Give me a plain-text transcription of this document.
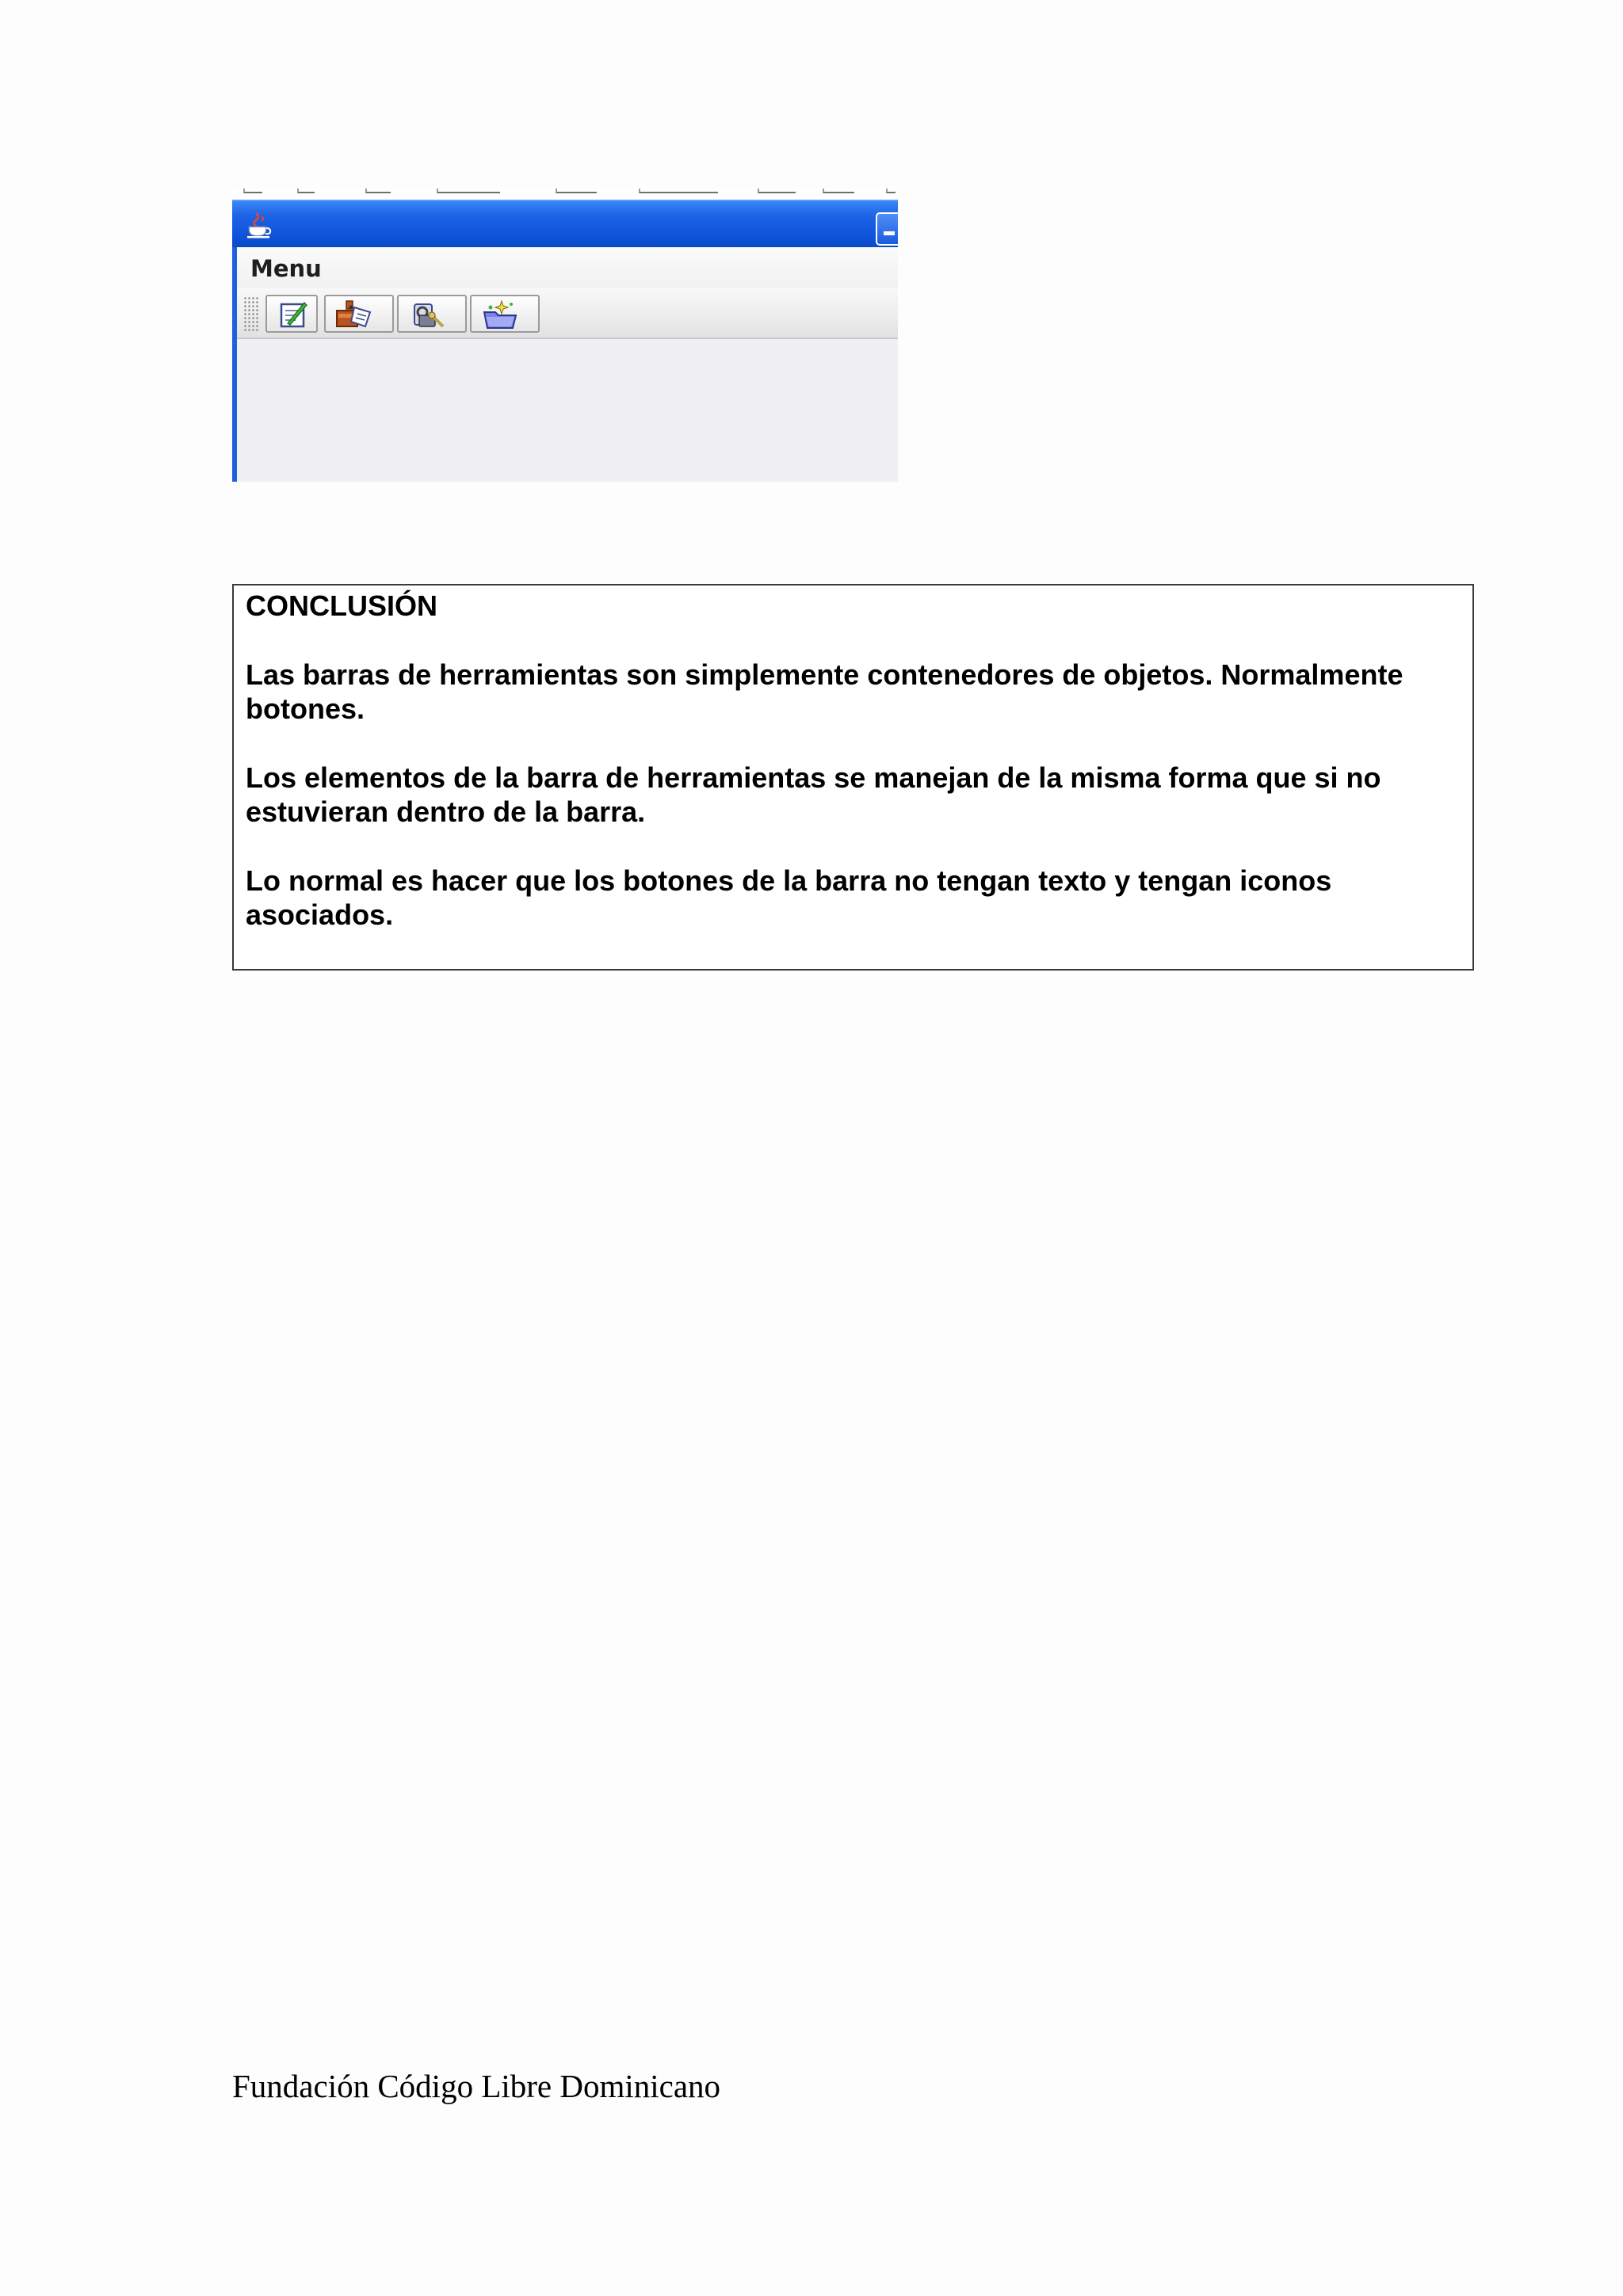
Menu

CONCLUSIÓN

Las barras de herramientas son simplemente contenedores de objetos. Normalmente botones.

Los elementos de la barra de herramientas se manejan de la misma forma que si no estuvieran dentro de la barra.

Lo normal es hacer que los botones de la barra no tengan texto y tengan iconos asociados.

Fundación Código Libre Dominicano
